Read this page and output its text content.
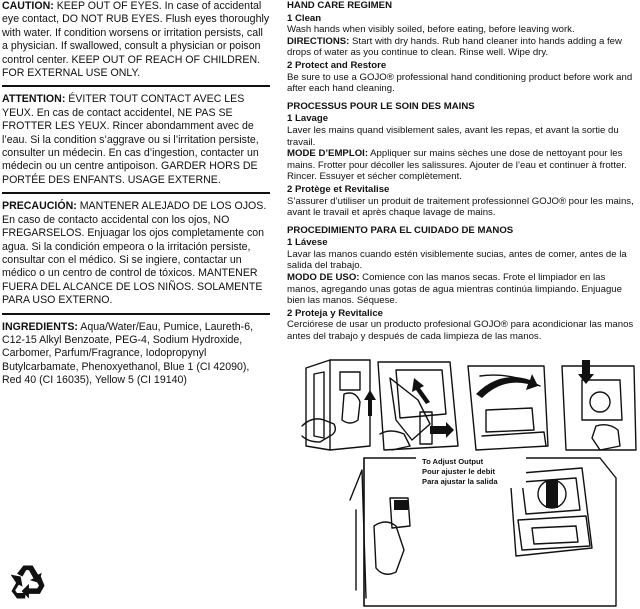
CAUTION: KEEP OUT OF EYES. In case of accidental eye contact, DO NOT RUB EYES. Flush eyes thoroughly with water. If condition worsens or irritation persists, call a physician. If swallowed, consult a physician or poison control center. KEEP OUT OF REACH OF CHILDREN. FOR EXTERNAL USE ONLY.

ATTENTION: ÉVITER TOUT CONTACT AVEC LES YEUX. En cas de contact accidentel, NE PAS SE FROTTER LES YEUX. Rincer abondamment avec de l’eau. Si la condition s’aggrave ou si l’irritation persiste, consulter un médecin. En cas d’ingestion, contacter un médecin ou un centre antipoison. GARDER HORS DE PORTÉE DES ENFANTS. USAGE EXTERNE.

PRECAUCIÓN: MANTENER ALEJADO DE LOS OJOS. En caso de contacto accidental con los ojos, NO FREGARSELOS. Enjuagar los ojos completamente con agua. Si la condición empeora o la irritación persiste, consultar con el médico. Si se ingiere, contactar un médico o un centro de control de tóxicos. MANTENER FUERA DEL ALCANCE DE LOS NIÑOS. SOLAMENTE PARA USO EXTERNO.

INGREDIENTS: Aqua/Water/Eau, Pumice, Laureth-6, C12-15 Alkyl Benzoate, PEG-4, Sodium Hydroxide, Carbomer, Parfum/Fragrance, Iodopropynyl Butylcarbamate, Phenoxyethanol, Blue 1 (CI 42090), Red 40 (CI 16035), Yellow 5 (CI 19140)

HAND CARE REGIMEN

1 Clean

Wash hands when visibly soiled, before eating, before leaving work.

DIRECTIONS: Start with dry hands. Rub hand cleaner into hands adding a few drops of water as you continue to clean. Rinse well. Wipe dry.

2 Protect and Restore

Be sure to use a GOJO® professional hand conditioning product before work and after each hand cleaning.

PROCESSUS POUR LE SOIN DES MAINS

1 Lavage

Laver les mains quand visiblement sales, avant les repas, et avant la sortie du travail.

MODE D’EMPLOI: Appliquer sur mains sèches une dose de nettoyant pour les mains. Frotter pour décoller les salissures. Ajouter de l’eau et continuer à frotter. Rincer. Essuyer et sécher complètement.

2 Protège et Revitalise

S’assurer d’utiliser un produit de traitement professionnel GOJO® pour les mains, avant le travail et après chaque lavage de mains.

PROCEDIMIENTO PARA EL CUIDADO DE MANOS

1 Lávese

Lavar las manos cuando estén visiblemente sucias, antes de comer, antes de la salida del trabajo.

MODO DE USO: Comience con las manos secas. Frote el limpiador en las manos, agregando unas gotas de agua mientras continúa limpiando. Enjuague bien las manos. Séquese.

2 Proteja y Revitalice

Cerciórese de usar un producto profesional GOJO® para acondicionar las manos antes del trabajo y después de cada limpieza de las manos.

To Adjust Output
Pour ajuster le debit
Para ajustar la salida
